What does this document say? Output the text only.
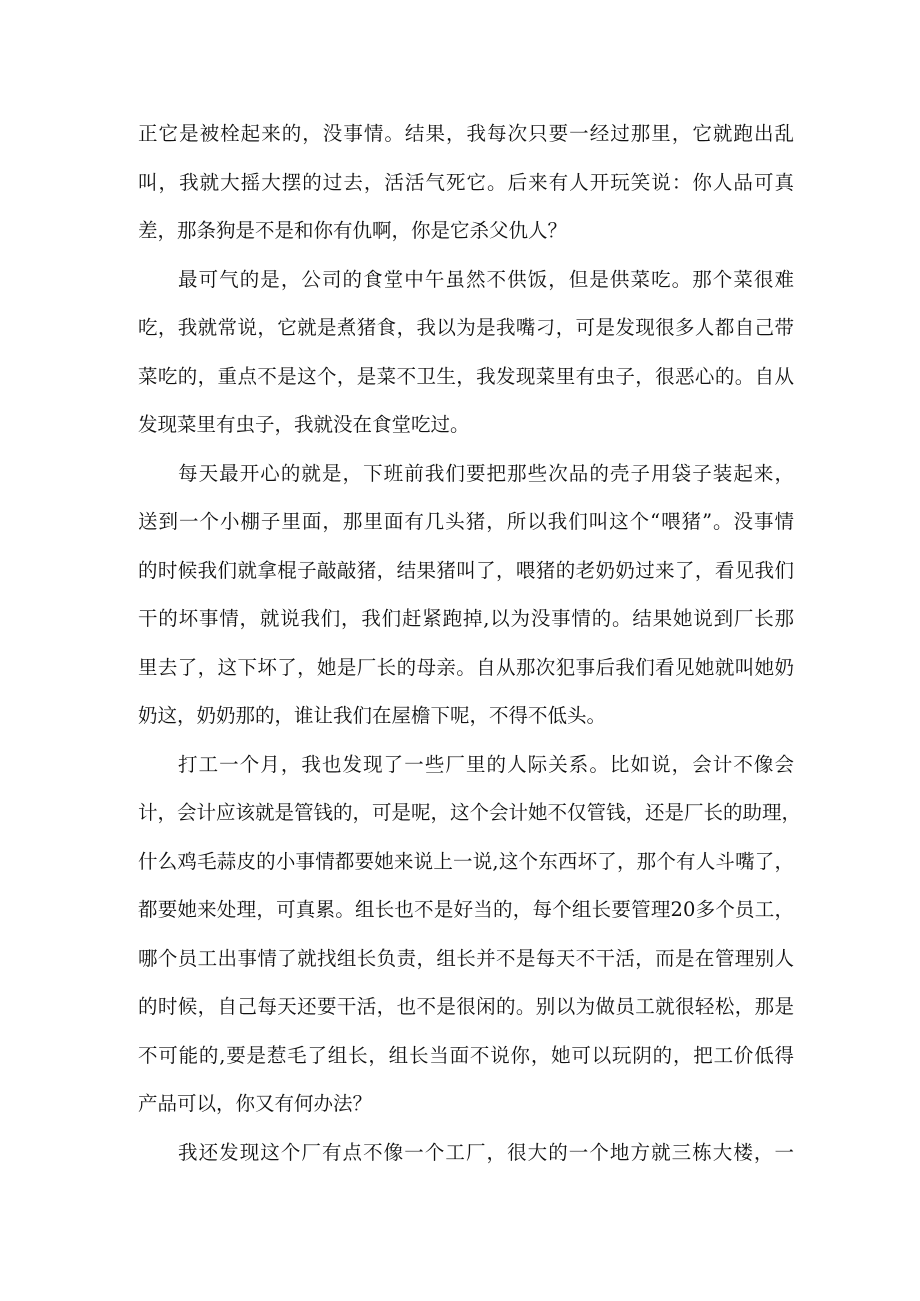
正它是被栓起来的，没事情。结果，我每次只要一经过那里，它就跑出乱
叫，我就大摇大摆的过去，活活气死它。后来有人开玩笑说：你人品可真
差，那条狗是不是和你有仇啊，你是它杀父仇人？
最可气的是，公司的食堂中午虽然不供饭，但是供菜吃。那个菜很难
吃，我就常说，它就是煮猪食，我以为是我嘴刁，可是发现很多人都自己带
菜吃的，重点不是这个，是菜不卫生，我发现菜里有虫子，很恶心的。自从
发现菜里有虫子，我就没在食堂吃过。
每天最开心的就是，下班前我们要把那些次品的壳子用袋子装起来，
送到一个小棚子里面，那里面有几头猪，所以我们叫这个“喂猪”。没事情
的时候我们就拿棍子敲敲猪，结果猪叫了，喂猪的老奶奶过来了，看见我们
干的坏事情，就说我们，我们赶紧跑掉,以为没事情的。结果她说到厂长那
里去了，这下坏了，她是厂长的母亲。自从那次犯事后我们看见她就叫她奶
奶这，奶奶那的，谁让我们在屋檐下呢，不得不低头。
打工一个月，我也发现了一些厂里的人际关系。比如说，会计不像会
计，会计应该就是管钱的，可是呢，这个会计她不仅管钱，还是厂长的助理，
什么鸡毛蒜皮的小事情都要她来说上一说,这个东西坏了，那个有人斗嘴了，
都要她来处理，可真累。组长也不是好当的，每个组长要管理20多个员工，
哪个员工出事情了就找组长负责，组长并不是每天不干活，而是在管理别人
的时候，自己每天还要干活，也不是很闲的。别以为做员工就很轻松，那是
不可能的,要是惹毛了组长，组长当面不说你，她可以玩阴的，把工价低得
产品可以，你又有何办法？
我还发现这个厂有点不像一个工厂，很大的一个地方就三栋大楼，一
